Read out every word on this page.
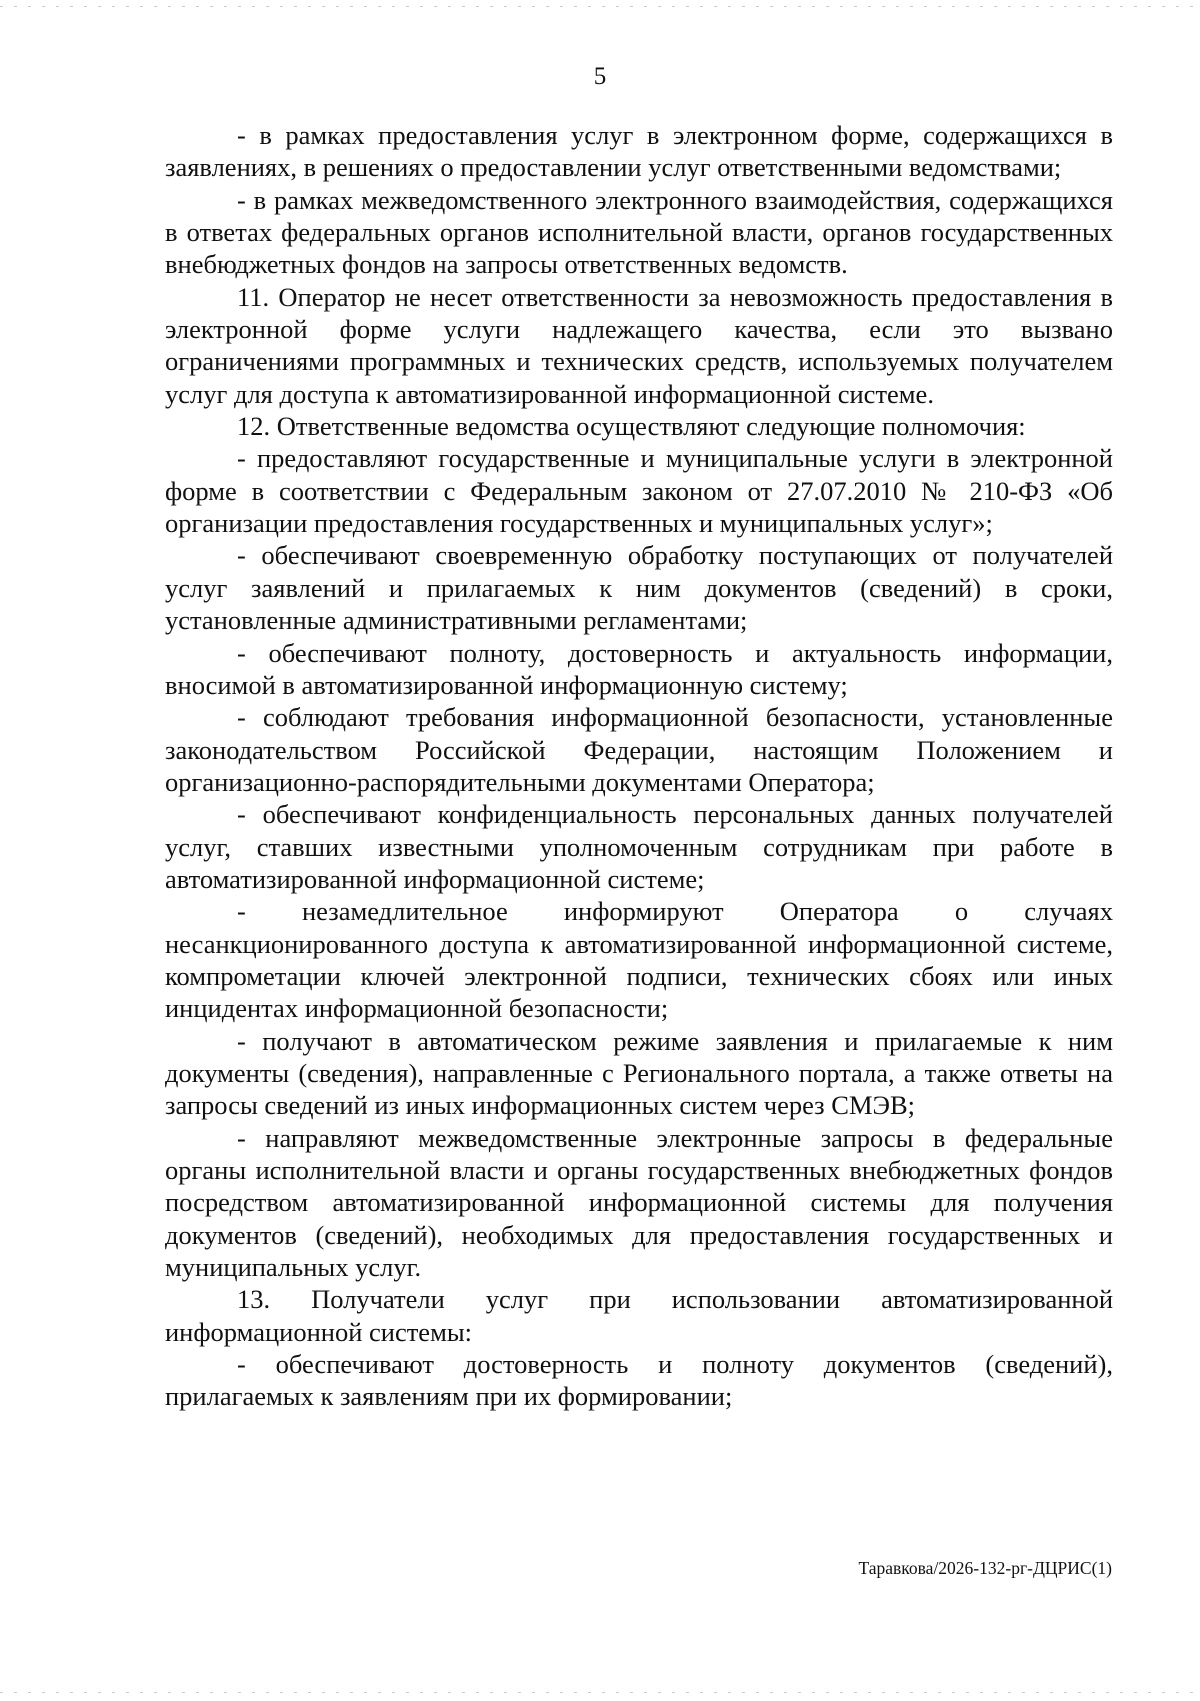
5

- в рамках предоставления услуг в электронном форме, содержащихся в заявлениях, в решениях о предоставлении услуг ответственными ведомствами;

- в рамках межведомственного электронного взаимодействия, содержащихся в ответах федеральных органов исполнительной власти, органов государственных внебюджетных фондов на запросы ответственных ведомств.

11. Оператор не несет ответственности за невозможность предоставления в электронной форме услуги надлежащего качества, если это вызвано ограничениями программных и технических средств, используемых получателем услуг для доступа к автоматизированной информационной системе.

12. Ответственные ведомства осуществляют следующие полномочия:

- предоставляют государственные и муниципальные услуги в электронной форме в соответствии с Федеральным законом от 27.07.2010 № 210-ФЗ «Об организации предоставления государственных и муниципальных услуг»;

- обеспечивают своевременную обработку поступающих от получателей услуг заявлений и прилагаемых к ним документов (сведений) в сроки, установленные административными регламентами;

- обеспечивают полноту, достоверность и актуальность информации, вносимой в автоматизированной информационную систему;

- соблюдают требования информационной безопасности, установленные законодательством Российской Федерации, настоящим Положением и организационно-распорядительными документами Оператора;

- обеспечивают конфиденциальность персональных данных получателей услуг, ставших известными уполномоченным сотрудникам при работе в автоматизированной информационной системе;

- незамедлительное информируют Оператора о случаях несанкционированного доступа к автоматизированной информационной системе, компрометации ключей электронной подписи, технических сбоях или иных инцидентах информационной безопасности;

- получают в автоматическом режиме заявления и прилагаемые к ним документы (сведения), направленные с Регионального портала, а также ответы на запросы сведений из иных информационных систем через СМЭВ;

- направляют межведомственные электронные запросы в федеральные органы исполнительной власти и органы государственных внебюджетных фондов посредством автоматизированной информационной системы для получения документов (сведений), необходимых для предоставления государственных и муниципальных услуг.

13. Получатели услуг при использовании автоматизированной информационной системы:

- обеспечивают достоверность и полноту документов (сведений), прилагаемых к заявлениям при их формировании;

Таравкова/2026-132-рг-ДЦРИС(1)
